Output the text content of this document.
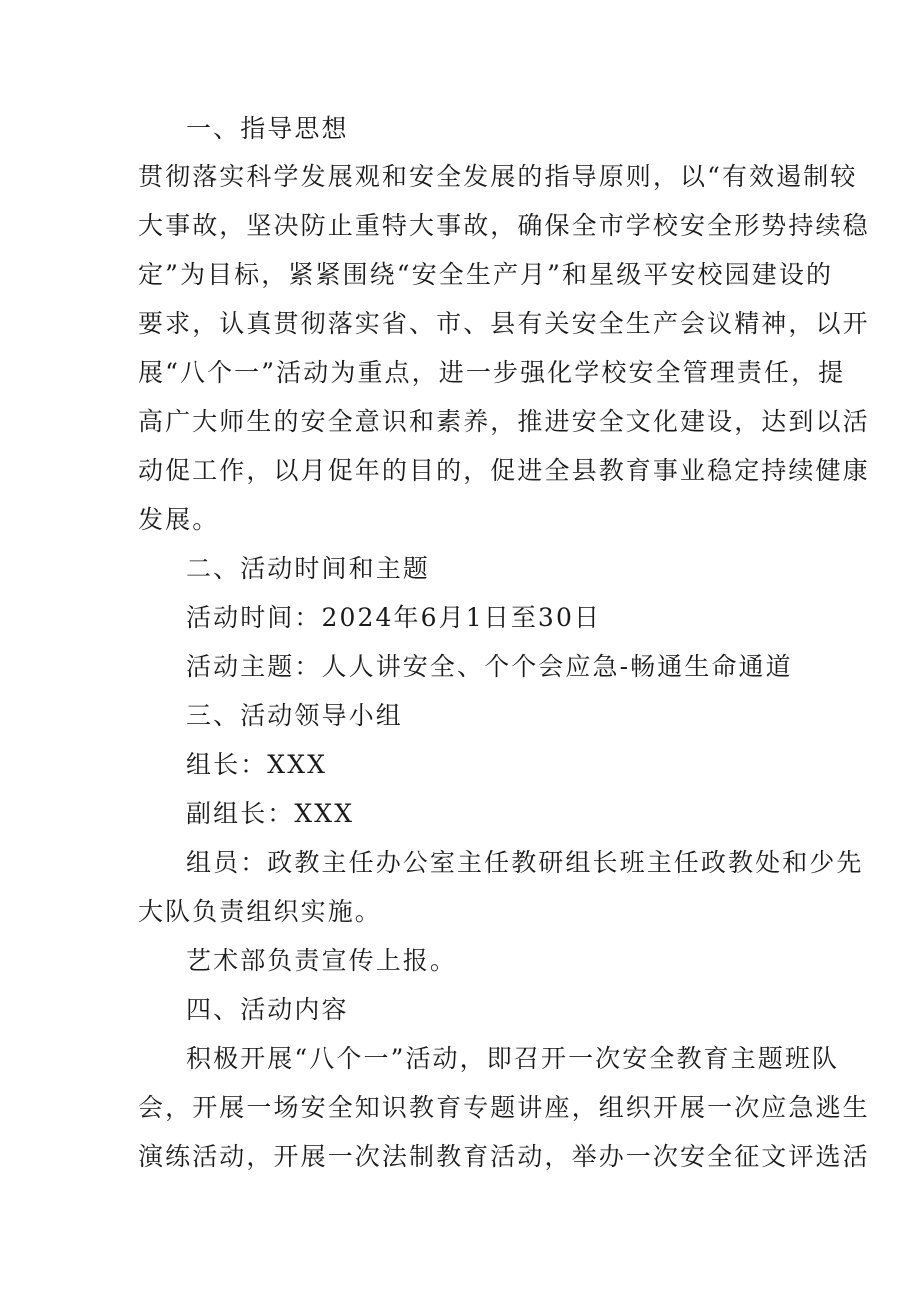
一、指导思想
贯彻落实科学发展观和安全发展的指导原则，以“有效遏制较
大事故，坚决防止重特大事故，确保全市学校安全形势持续稳
定”为目标，紧紧围绕“安全生产月”和星级平安校园建设的
要求，认真贯彻落实省、市、县有关安全生产会议精神，以开
展“八个一”活动为重点，进一步强化学校安全管理责任，提
高广大师生的安全意识和素养，推进安全文化建设，达到以活
动促工作，以月促年的目的，促进全县教育事业稳定持续健康
发展。
二、活动时间和主题
活动时间：2024年6月1日至30日
活动主题：人人讲安全、个个会应急-畅通生命通道
三、活动领导小组
组长：XXX
副组长：XXX
组员：政教主任办公室主任教研组长班主任政教处和少先
大队负责组织实施。
艺术部负责宣传上报。
四、活动内容
积极开展“八个一”活动，即召开一次安全教育主题班队
会，开展一场安全知识教育专题讲座，组织开展一次应急逃生
演练活动，开展一次法制教育活动，举办一次安全征文评选活
